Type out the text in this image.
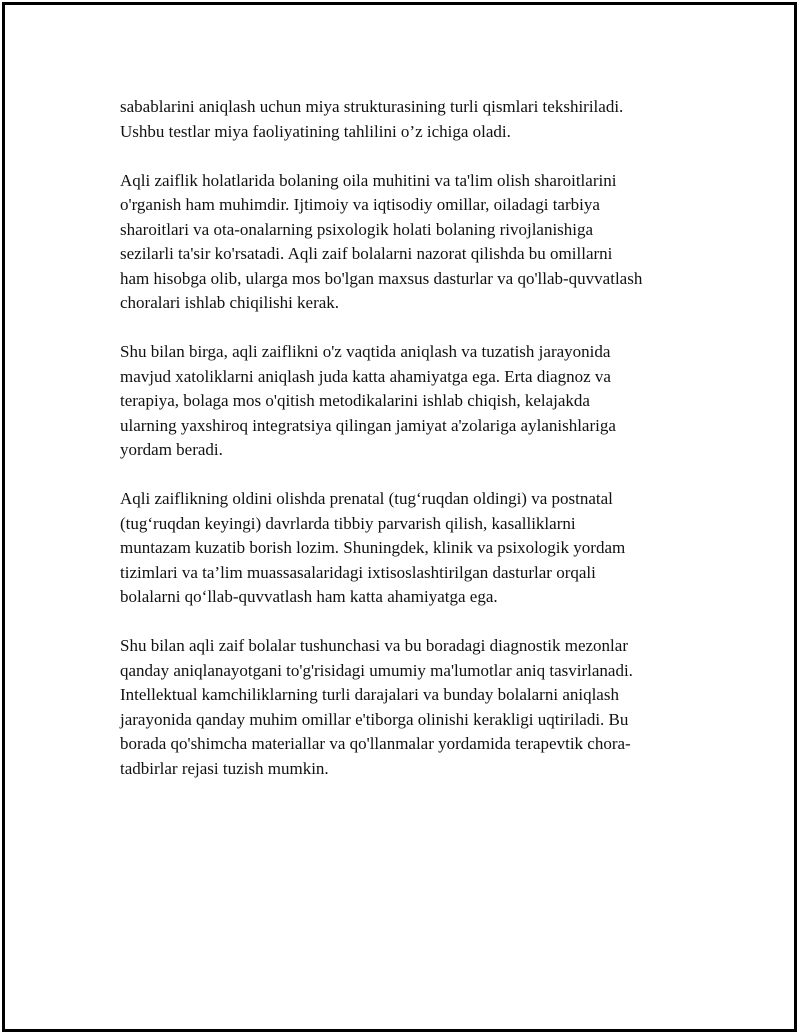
sabablarini aniqlash uchun miya strukturasining turli qismlari tekshiriladi.
Ushbu testlar miya faoliyatining tahlilini o’z ichiga oladi.

Aqli zaiflik holatlarida bolaning oila muhitini va ta'lim olish sharoitlarini
o'rganish ham muhimdir. Ijtimoiy va iqtisodiy omillar, oiladagi tarbiya
sharoitlari va ota-onalarning psixologik holati bolaning rivojlanishiga
sezilarli ta'sir ko'rsatadi. Aqli zaif bolalarni nazorat qilishda bu omillarni
ham hisobga olib, ularga mos bo'lgan maxsus dasturlar va qo'llab-quvvatlash
choralari ishlab chiqilishi kerak.

Shu bilan birga, aqli zaiflikni o'z vaqtida aniqlash va tuzatish jarayonida
mavjud xatoliklarni aniqlash juda katta ahamiyatga ega. Erta diagnoz va
terapiya, bolaga mos o'qitish metodikalarini ishlab chiqish, kelajakda
ularning yaxshiroq integratsiya qilingan jamiyat a'zolariga aylanishlariga
yordam beradi.

Aqli zaiflikning oldini olishda prenatal (tug‘ruqdan oldingi) va postnatal
(tug‘ruqdan keyingi) davrlarda tibbiy parvarish qilish, kasalliklarni
muntazam kuzatib borish lozim. Shuningdek, klinik va psixologik yordam
tizimlari va ta’lim muassasalaridagi ixtisoslashtirilgan dasturlar orqali
bolalarni qo‘llab-quvvatlash ham katta ahamiyatga ega.

Shu bilan aqli zaif bolalar tushunchasi va bu boradagi diagnostik mezonlar
qanday aniqlanayotgani to'g'risidagi umumiy ma'lumotlar aniq tasvirlanadi.
Intellektual kamchiliklarning turli darajalari va bunday bolalarni aniqlash
jarayonida qanday muhim omillar e'tiborga olinishi kerakligi uqtiriladi. Bu
borada qo'shimcha materiallar va qo'llanmalar yordamida terapevtik chora-
tadbirlar rejasi tuzish mumkin.
